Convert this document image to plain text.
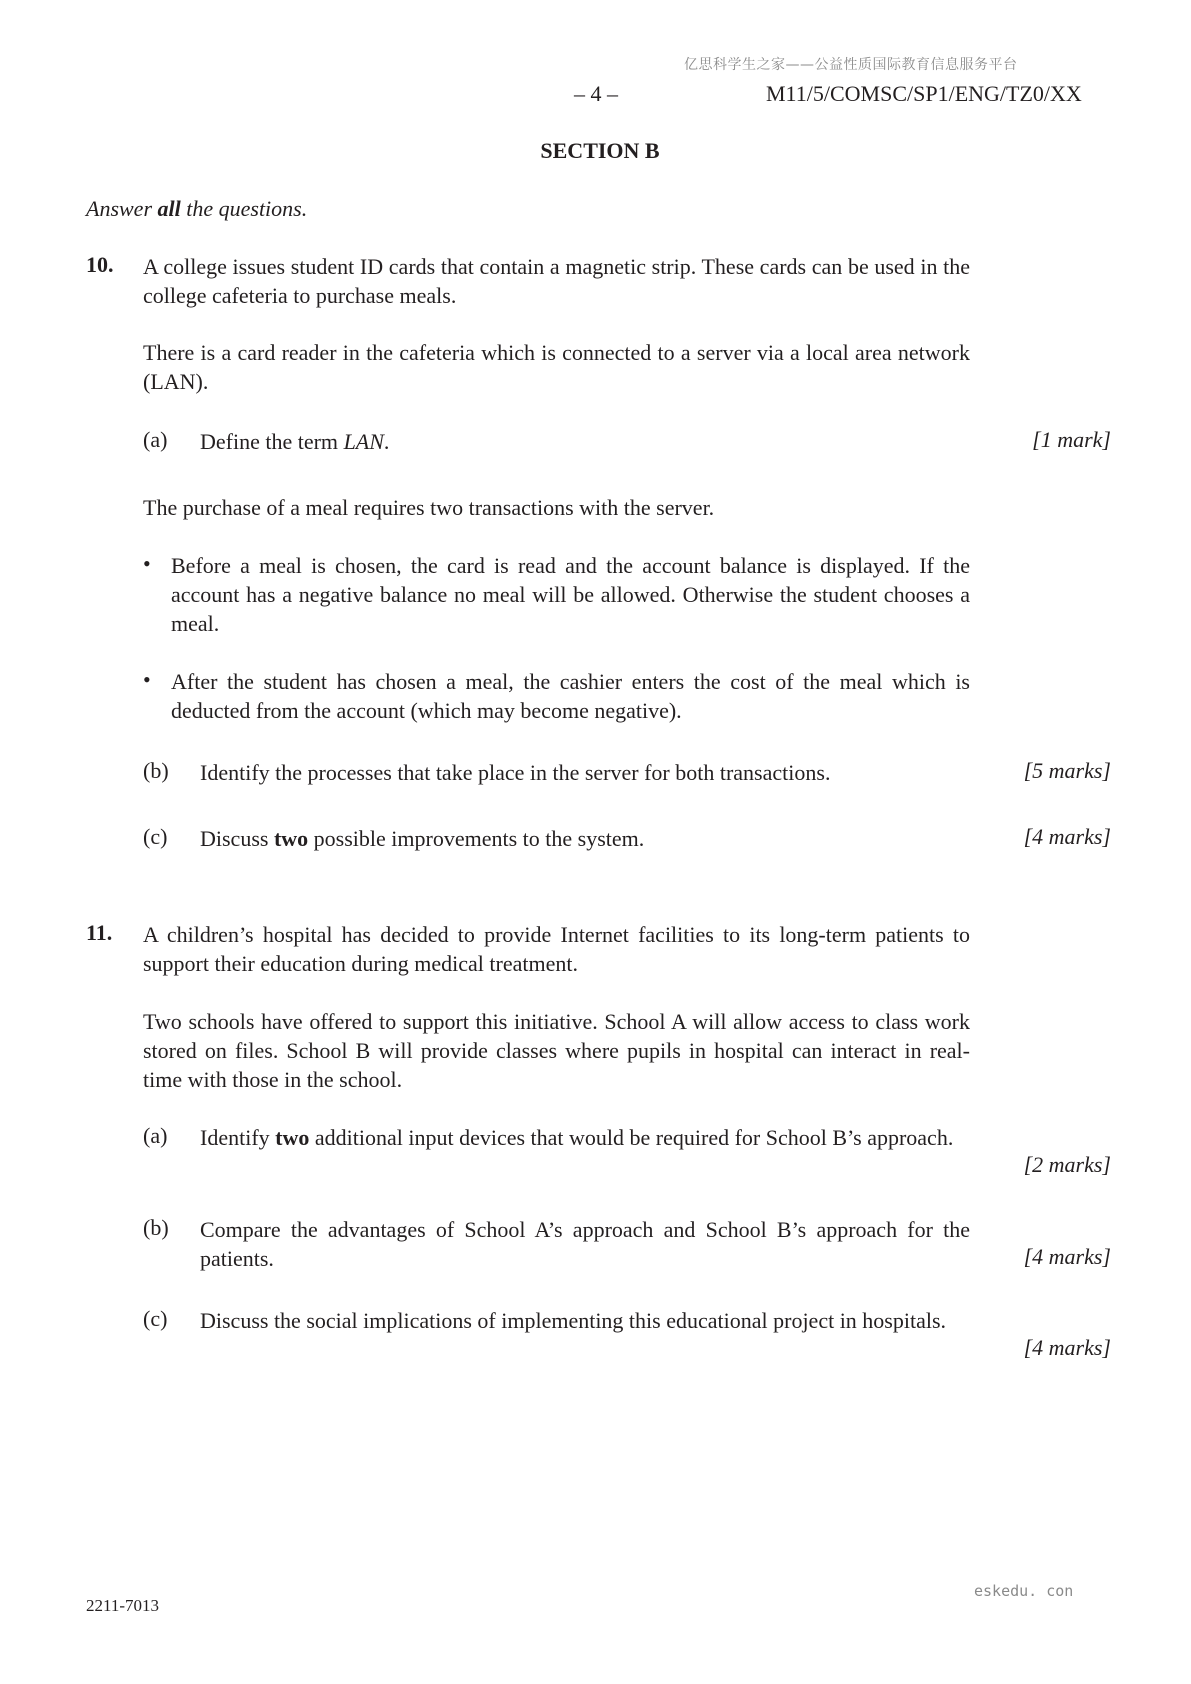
亿思科学生之家——公益性质国际教育信息服务平台
– 4 –	M11/5/COMSC/SP1/ENG/TZ0/XX
SECTION B
Answer all the questions.
10. A college issues student ID cards that contain a magnetic strip. These cards can be used in the college cafeteria to purchase meals.
There is a card reader in the cafeteria which is connected to a server via a local area network (LAN).
(a) Define the term LAN.	[1 mark]
The purchase of a meal requires two transactions with the server.
• Before a meal is chosen, the card is read and the account balance is displayed. If the account has a negative balance no meal will be allowed. Otherwise the student chooses a meal.
• After the student has chosen a meal, the cashier enters the cost of the meal which is deducted from the account (which may become negative).
(b) Identify the processes that take place in the server for both transactions.	[5 marks]
(c) Discuss two possible improvements to the system.	[4 marks]
11. A children’s hospital has decided to provide Internet facilities to its long-term patients to support their education during medical treatment.
Two schools have offered to support this initiative. School A will allow access to class work stored on files. School B will provide classes where pupils in hospital can interact in real-time with those in the school.
(a) Identify two additional input devices that would be required for School B’s approach.
[2 marks]
(b) Compare the advantages of School A’s approach and School B’s approach for the patients.	[4 marks]
(c) Discuss the social implications of implementing this educational project in hospitals.
[4 marks]
2211-7013
eskedu. con
